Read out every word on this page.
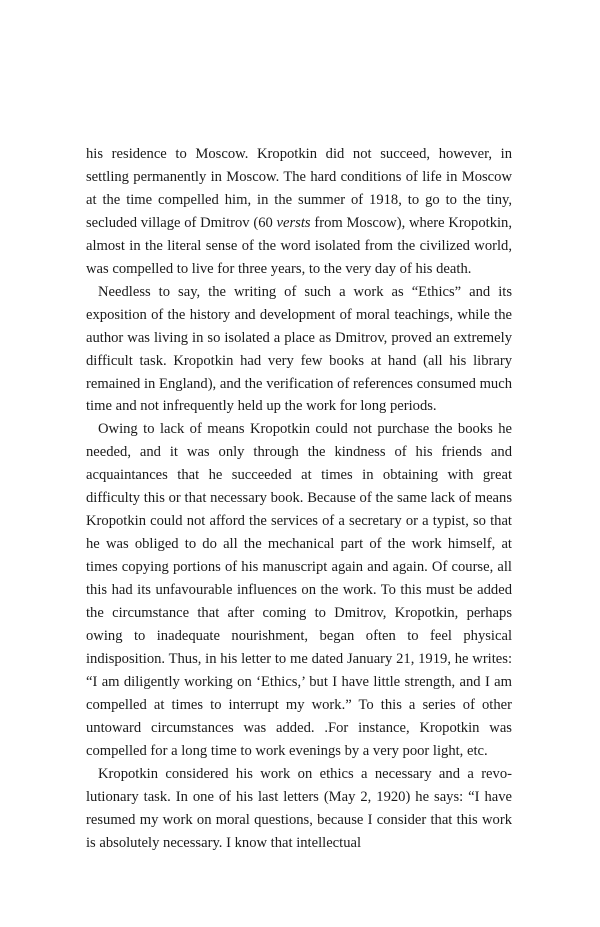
his residence to Moscow. Kropotkin did not succeed, however, in settling permanently in Moscow. The hard conditions of life in Moscow at the time compelled him, in the summer of 1918, to go to the tiny, secluded village of Dmitrov (60 versts from Moscow), where Kropotkin, almost in the literal sense of the word isolated from the civilized world, was compelled to live for three years, to the very day of his death.

Needless to say, the writing of such a work as “Ethics” and its exposition of the history and development of moral teachings, while the author was living in so isolated a place as Dmitrov, proved an extremely difficult task. Kropotkin had very few books at hand (all his library remained in England), and the verification of references consumed much time and not infrequently held up the work for long periods.

Owing to lack of means Kropotkin could not purchase the books he needed, and it was only through the kindness of his friends and acquaintances that he succeeded at times in obtaining with great difficulty this or that necessary book. Because of the same lack of means Kropotkin could not afford the services of a secretary or a typist, so that he was obliged to do all the mechanical part of the work himself, at times copying portions of his manuscript again and again. Of course, all this had its unfavourable influences on the work. To this must be added the circumstance that after coming to Dmitrov, Kropotkin, perhaps owing to inadequate nourishment, began often to feel physical indisposition. Thus, in his letter to me dated January 21, 1919, he writes: “I am diligently working on ‘Ethics,’ but I have little strength, and I am compelled at times to interrupt my work.” To this a series of other untoward circumstances was added. .For instance, Kropotkin was compelled for a long time to work evenings by a very poor light, etc.

Kropotkin considered his work on ethics a necessary and a revolutionary task. In one of his last letters (May 2, 1920) he says: “I have resumed my work on moral questions, because I consider that this work is absolutely necessary. I know that intellectual
